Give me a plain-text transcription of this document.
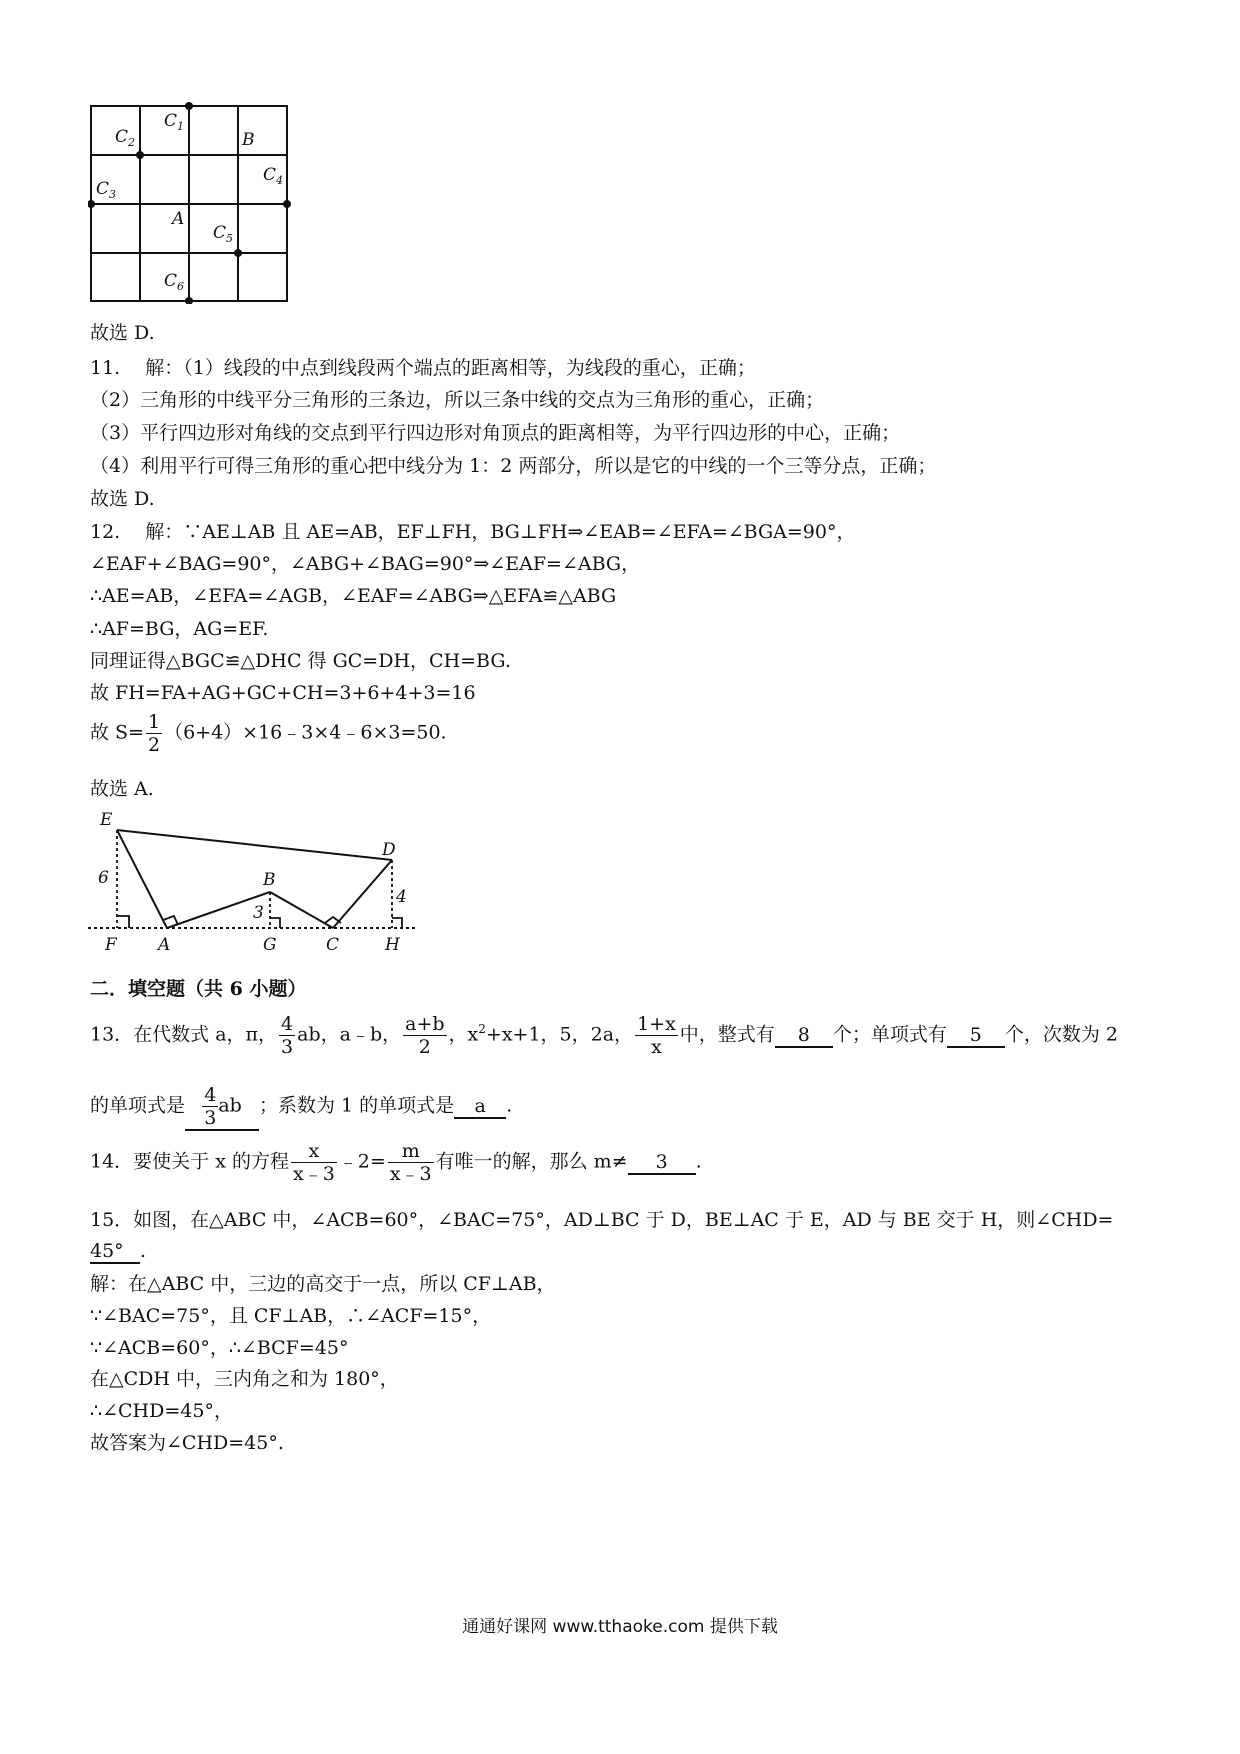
$C_1$
$C_2$
$C_3$
$C_4$
$C_5$
$C_6$
A
B
故选 D.
11.　 解：（1）线段的中点到线段两个端点的距离相等，为线段的重心，正确；
（2）三角形的中线平分三角形的三条边，所以三条中线的交点为三角形的重心，正确；
（3）平行四边形对角线的交点到平行四边形对角顶点的距离相等，为平行四边形的中心，正确；
（4）利用平行可得三角形的重心把中线分为 1：2 两部分，所以是它的中线的一个三等分点，正确；
故选 D.
12.　 解：∵AE⊥AB 且 AE=AB，EF⊥FH，BG⊥FH⇒∠EAB=∠EFA=∠BGA=90°，
∠EAF+∠BAG=90°，∠ABG+∠BAG=90°⇒∠EAF=∠ABG，
∴AE=AB，∠EFA=∠AGB，∠EAF=∠ABG⇒△EFA≌△ABG
∴AF=BG，AG=EF.
同理证得△BGC≌△DHC 得 GC=DH，CH=BG.
故 FH=FA+AG+GC+CH=3+6+4+3=16
故 $S= \frac{1}{2}$ （6+4）×16﹣3×4﹣6×3=50.
故选 A.
E
D
B
F A	G	C	H
6
3
4
二．填空题（共 6 小题）
13．在代数式 a，π， $\frac{4}{3}$ ab，a﹣b， $\frac{a+b}{2}$ ，$x^2+x+1$，5，2a， $\frac{1+x}{x}$ 中，整式有 8 个；单项式有 5 个，次数为 2
的单项式是 $\frac{4}{3}$ ab ；系数为 1 的单项式是 a .
14．要使关于 x 的方程 $\frac{x}{x﹣3}$ ﹣2= $\frac{m}{x﹣3}$ 有唯一的解，那么 m≠ 3 .
15．如图，在△ABC 中，∠ACB=60°，∠BAC=75°，AD⊥BC 于 D，BE⊥AC 于 E，AD 与 BE 交于 H，则∠CHD=
45° .
解：在△ABC 中，三边的高交于一点，所以 CF⊥AB，
∵∠BAC=75°，且 CF⊥AB，∴∠ACF=15°，
∵∠ACB=60°，∴∠BCF=45°
在△CDH 中，三内角之和为 180°，
∴∠CHD=45°，
故答案为∠CHD=45°.
通通好课网 www.tthaoke.com 提供下载
